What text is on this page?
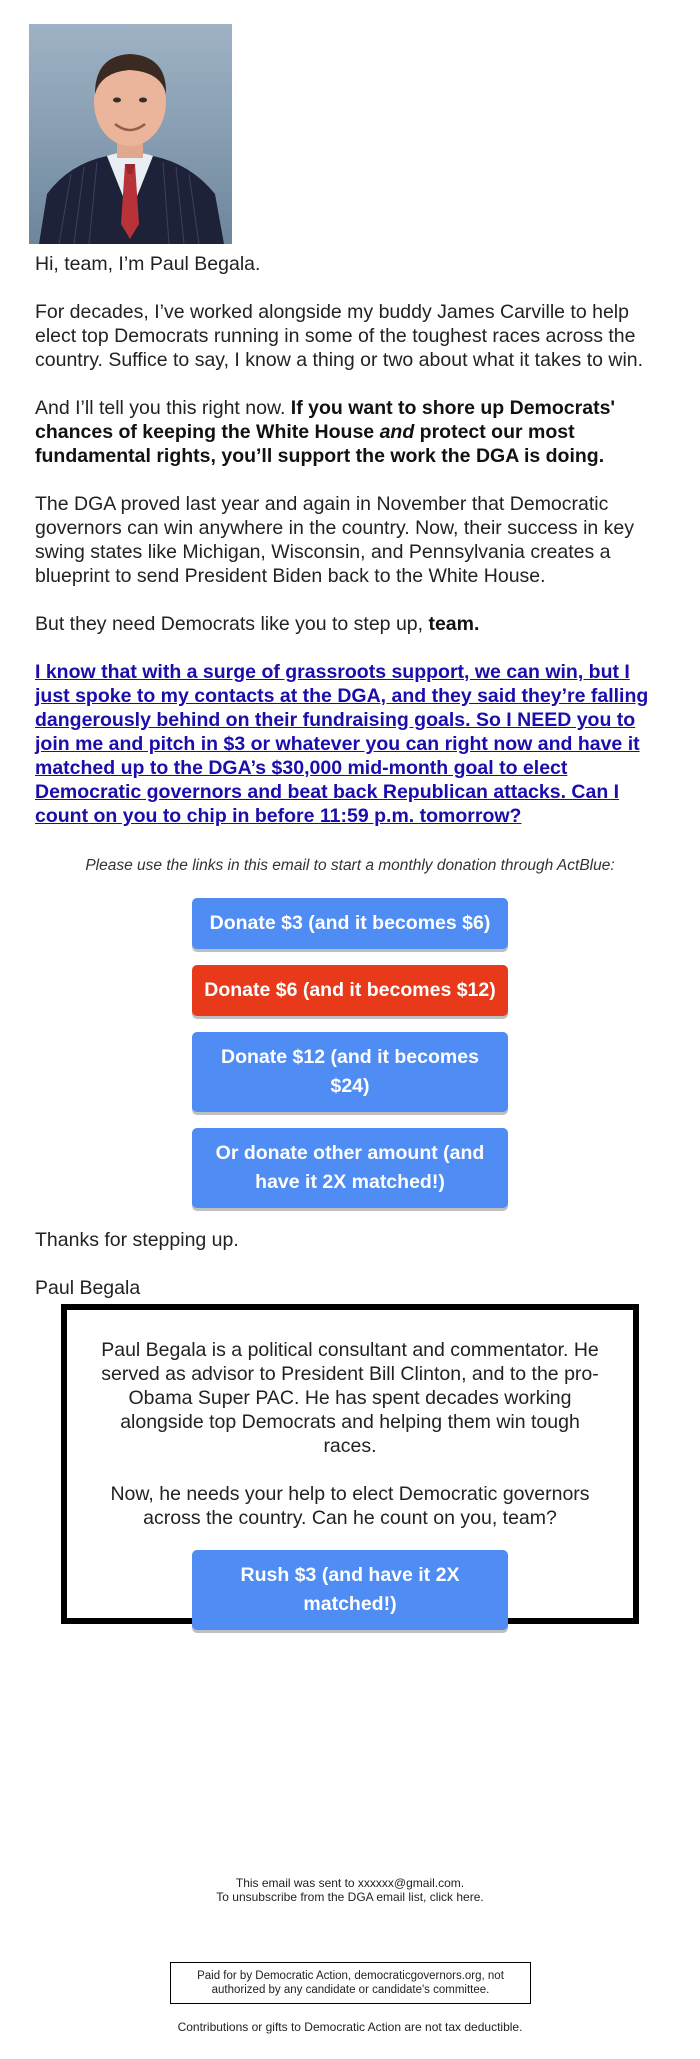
Hi, team, I’m Paul Begala.

For decades, I’ve worked alongside my buddy James Carville to help elect top Democrats running in some of the toughest races across the country. Suffice to say, I know a thing or two about what it takes to win.

And I’ll tell you this right now. If you want to shore up Democrats' chances of keeping the White House and protect our most fundamental rights, you’ll support the work the DGA is doing.

The DGA proved last year and again in November that Democratic governors can win anywhere in the country. Now, their success in key swing states like Michigan, Wisconsin, and Pennsylvania creates a blueprint to send President Biden back to the White House.

But they need Democrats like you to step up, team.

I know that with a surge of grassroots support, we can win, but I just spoke to my contacts at the DGA, and they said they’re falling dangerously behind on their fundraising goals. So I NEED you to join me and pitch in $3 or whatever you can right now and have it matched up to the DGA’s $30,000 mid-month goal to elect Democratic governors and beat back Republican attacks. Can I count on you to chip in before 11:59 p.m. tomorrow?

Please use the links in this email to start a monthly donation through ActBlue:

Donate $3 (and it becomes $6)
Donate $6 (and it becomes $12)
Donate $12 (and it becomes $24)
Or donate other amount (and have it 2X matched!)

Thanks for stepping up.

Paul Begala

Paul Begala is a political consultant and commentator. He served as advisor to President Bill Clinton, and to the pro-Obama Super PAC. He has spent decades working alongside top Democrats and helping them win tough races.

Now, he needs your help to elect Democratic governors across the country. Can he count on you, team?

Rush $3 (and have it 2X matched!)
This email was sent to xxxxxx@gmail.com.
To unsubscribe from the DGA email list, click here.
Paid for by Democratic Action, democraticgovernors.org, not authorized by any candidate or candidate's committee.
Contributions or gifts to Democratic Action are not tax deductible.
